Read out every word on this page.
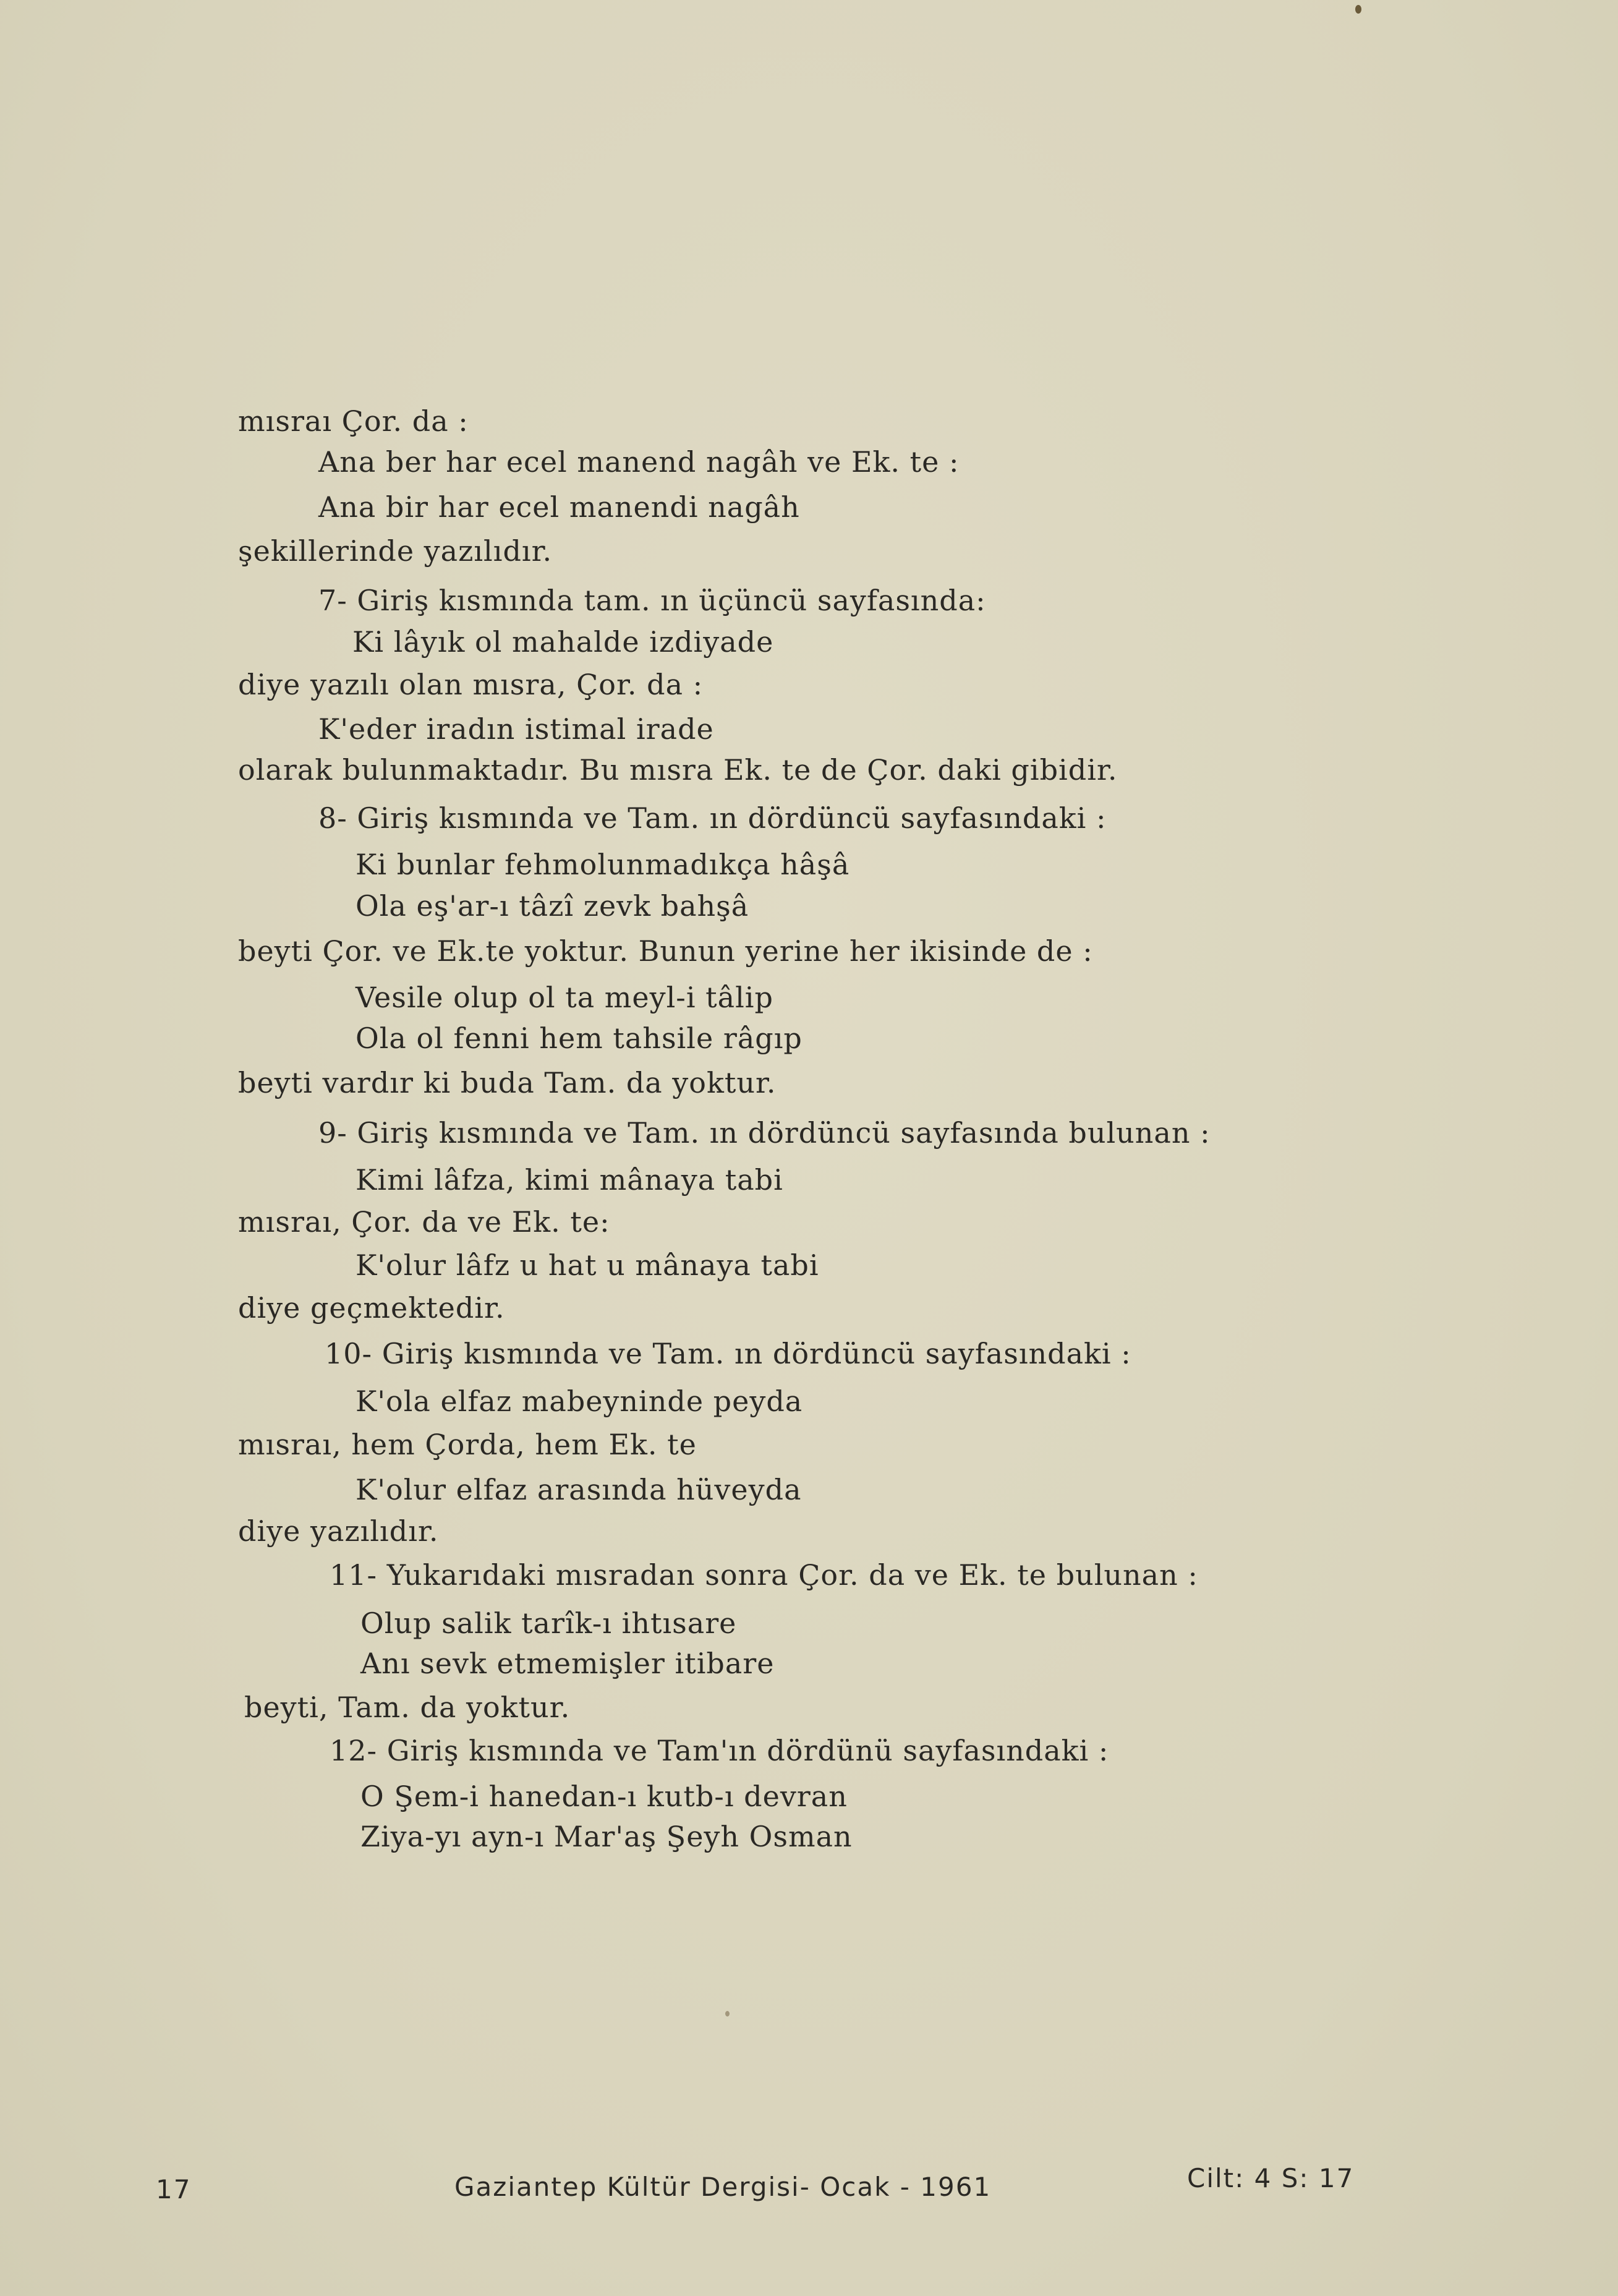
mısraı Çor. da :
Ana ber har ecel manend nagâh ve Ek. te :
Ana bir har ecel manendi nagâh
şekillerinde yazılıdır.
7- Giriş kısmında tam. ın üçüncü sayfasında:
Ki lâyık ol mahalde izdiyade
diye yazılı olan mısra, Çor. da :
K'eder iradın istimal irade
olarak bulunmaktadır. Bu mısra Ek. te de Çor. daki gibidir.
8- Giriş kısmında ve Tam. ın dördüncü sayfasındaki :
Ki bunlar fehmolunmadıkça hâşâ
Ola eş'ar-ı tâzî zevk bahşâ
beyti Çor. ve Ek.te yoktur. Bunun yerine her ikisinde de :
Vesile olup ol ta meyl-i tâlip
Ola ol fenni hem tahsile râgıp
beyti vardır ki buda Tam. da yoktur.
9- Giriş kısmında ve Tam. ın dördüncü sayfasında bulunan :
Kimi lâfza, kimi mânaya tabi
mısraı, Çor. da ve Ek. te:
K'olur lâfz u hat u mânaya tabi
diye geçmektedir.
10- Giriş kısmında ve Tam. ın dördüncü sayfasındaki :
K'ola elfaz mabeyninde peyda
mısraı, hem Çorda, hem Ek. te
K'olur elfaz arasında hüveyda
diye yazılıdır.
11- Yukarıdaki mısradan sonra Çor. da ve Ek. te bulunan :
Olup salik tarîk-ı ihtısare
Anı sevk etmemişler itibare
beyti, Tam. da yoktur.
12- Giriş kısmında ve Tam'ın dördünü sayfasındaki :
O Şem-i hanedan-ı kutb-ı devran
Ziya-yı ayn-ı Mar'aş Şeyh Osman
17	Gaziantep Kültür Dergisi- Ocak - 1961	Cilt: 4 S: 17
